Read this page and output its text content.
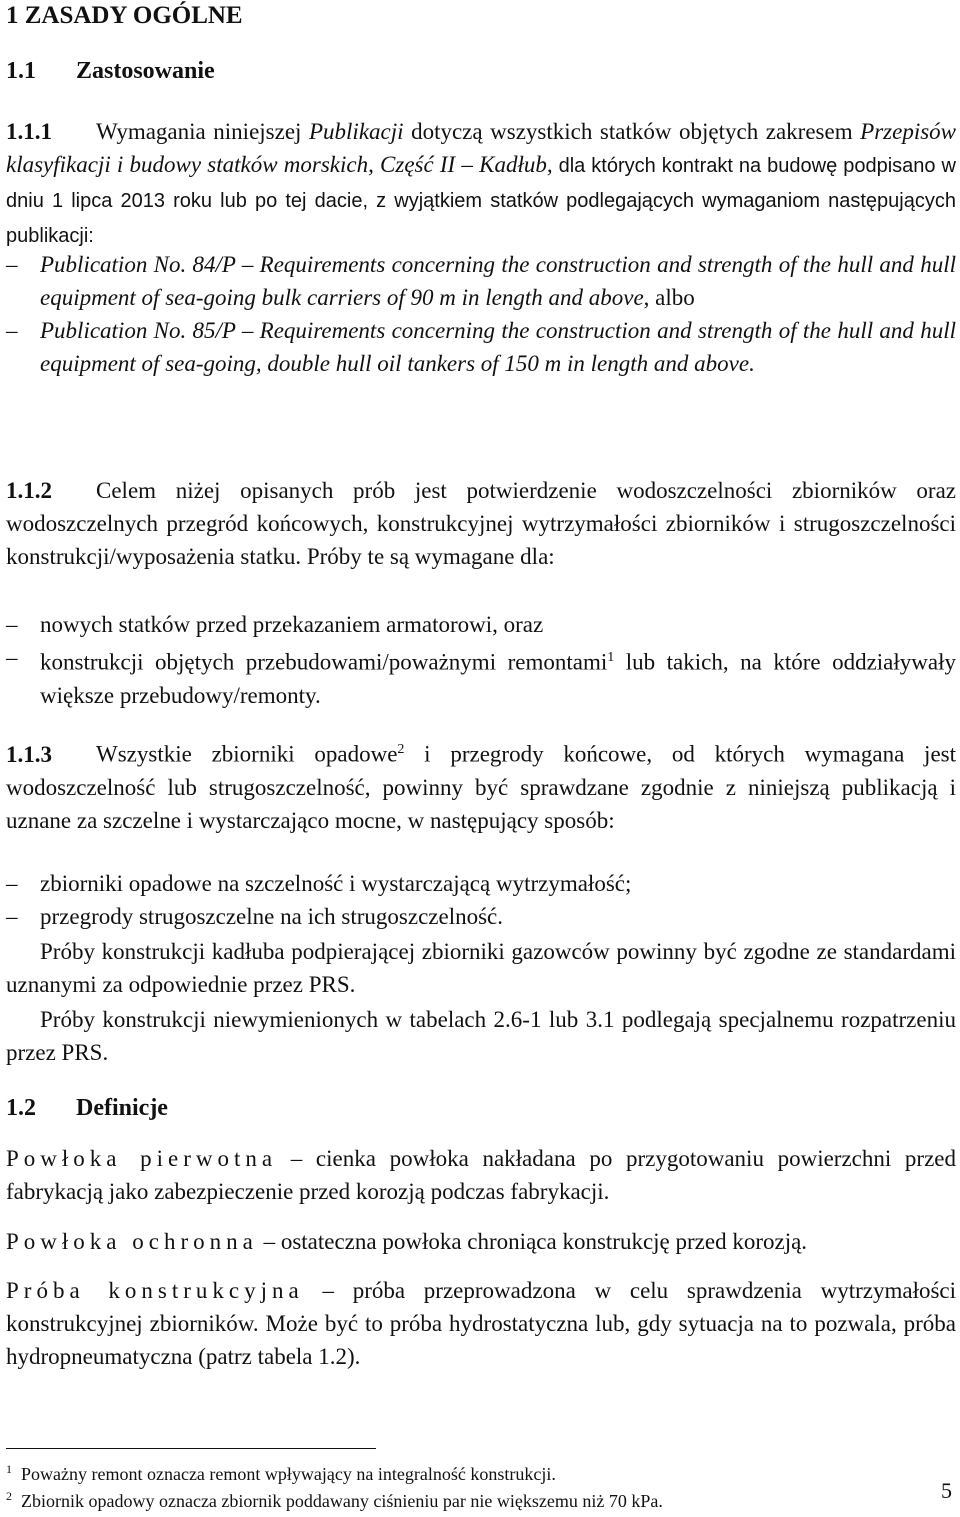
1 ZASADY OGÓLNE
1.1 Zastosowanie
1.1.1 Wymagania niniejszej Publikacji dotyczą wszystkich statków objętych zakresem Przepisów klasyfikacji i budowy statków morskich, Część II – Kadłub, dla których kontrakt na budowę podpisano w dniu 1 lipca 2013 roku lub po tej dacie, z wyjątkiem statków podlegających wymaganiom następujących publikacji:
– Publication No. 84/P – Requirements concerning the construction and strength of the hull and hull equipment of sea-going bulk carriers of 90 m in length and above, albo
– Publication No. 85/P – Requirements concerning the construction and strength of the hull and hull equipment of sea-going, double hull oil tankers of 150 m in length and above.
1.1.2 Celem niżej opisanych prób jest potwierdzenie wodoszczelności zbiorników oraz wodoszczelnych przegród końcowych, konstrukcyjnej wytrzymałości zbiorników i strugoszczelności konstrukcji/wyposażenia statku. Próby te są wymagane dla:
– nowych statków przed przekazaniem armatorowi, oraz
– konstrukcji objętych przebudowami/poważnymi remontami$^1$ lub takich, na które oddziaływały większe przebudowy/remonty.
1.1.3 Wszystkie zbiorniki opadowe$^2$ i przegrody końcowe, od których wymagana jest wodoszczelność lub strugoszczelność, powinny być sprawdzane zgodnie z niniejszą publikacją i uznane za szczelne i wystarczająco mocne, w następujący sposób:
– zbiorniki opadowe na szczelność i wystarczającą wytrzymałość;
– przegrody strugoszczelne na ich strugoszczelność.
Próby konstrukcji kadłuba podpierającej zbiorniki gazowców powinny być zgodne ze standardami uznanymi za odpowiednie przez PRS.
Próby konstrukcji niewymienionych w tabelach 2.6-1 lub 3.1 podlegają specjalnemu rozpatrzeniu przez PRS.
1.2 Definicje
Powłoka pierwotna – cienka powłoka nakładana po przygotowaniu powierzchni przed fabrykacją jako zabezpieczenie przed korozją podczas fabrykacji.
Powłoka ochronna – ostateczna powłoka chroniąca konstrukcję przed korozją.
Próba konstrukcyjna – próba przeprowadzona w celu sprawdzenia wytrzymałości konstrukcyjnej zbiorników. Może być to próba hydrostatyczna lub, gdy sytuacja na to pozwala, próba hydropneumatyczna (patrz tabela 1.2).
$^1$ Poważny remont oznacza remont wpływający na integralność konstrukcji.
$^2$ Zbiornik opadowy oznacza zbiornik poddawany ciśnieniu par nie większemu niż 70 kPa.	5
